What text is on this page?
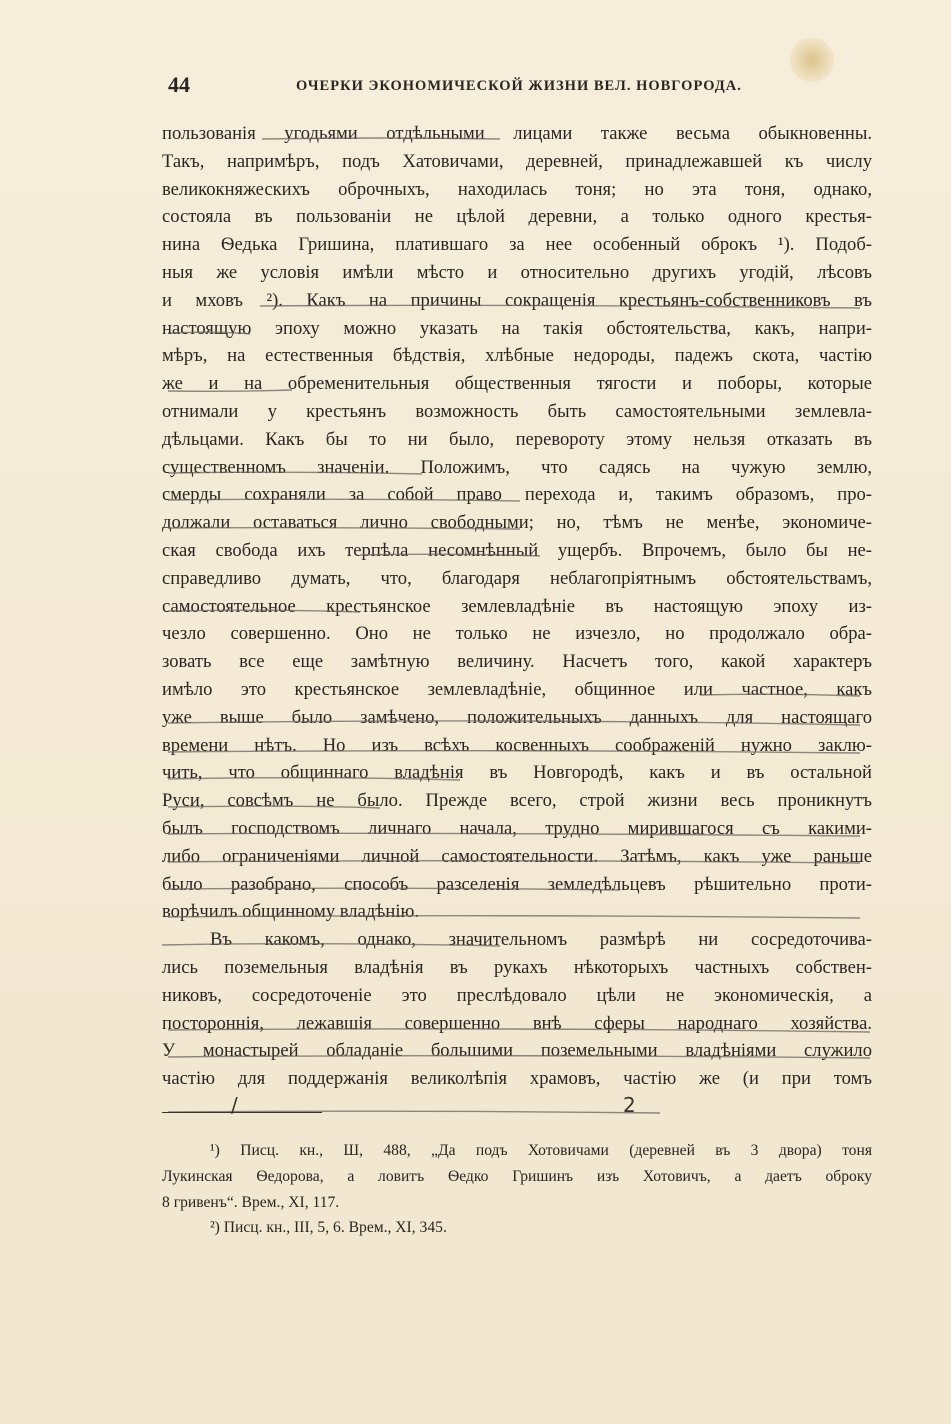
44	ОЧЕРКИ ЭКОНОМИЧЕСКОЙ ЖИЗНИ ВЕЛ. НОВГОРОДА.
пользованія угодьями отдѣльными лицами также весьма обыкновенны.
Такъ, напримѣръ, подъ Хатовичами, деревней, принадлежавшей къ числу
великокняжескихъ оброчныхъ, находилась тоня; но эта тоня, однако,
состояла въ пользованіи не цѣлой деревни, а только одного крестья-
нина Ѳедька Гришина, платившаго за нее особенный оброкъ ¹). Подоб-
ныя же условія имѣли мѣсто и относительно другихъ угодій, лѣсовъ
и мховъ ²). Какъ на причины сокращенія крестьянъ-собственниковъ въ
настоящую эпоху можно указать на такія обстоятельства, какъ, напри-
мѣръ, на естественныя бѣдствія, хлѣбные недороды, падежъ скота, частію
же и на обременительныя общественныя тягости и поборы, которые
отнимали у крестьянъ возможность быть самостоятельными землевла-
дѣльцами. Какъ бы то ни было, перевороту этому нельзя отказать въ
существенномъ значеніи. Положимъ, что садясь на чужую землю,
смерды сохраняли за собой право перехода и, такимъ образомъ, про-
должали оставаться лично свободными; но, тѣмъ не менѣе, экономиче-
ская свобода ихъ терпѣла несомнѣнный ущербъ. Впрочемъ, было бы не-
справедливо думать, что, благодаря неблагопріятнымъ обстоятельствамъ,
самостоятельное крестьянское землевладѣніе въ настоящую эпоху из-
чезло совершенно. Оно не только не изчезло, но продолжало обра-
зовать все еще замѣтную величину. Насчетъ того, какой характеръ
имѣло это крестьянское землевладѣніе, общинное или частное, какъ
уже выше было замѣчено, положительныхъ данныхъ для настоящаго
времени нѣтъ. Но изъ всѣхъ косвенныхъ соображеній нужно заклю-
чить, что общиннаго владѣнія въ Новгородѣ, какъ и въ остальной
Руси, совсѣмъ не было. Прежде всего, строй жизни весь проникнутъ
былъ господствомъ личнаго начала, трудно мирившагося съ какими-
либо ограниченіями личной самостоятельности. Затѣмъ, какъ уже раньше
было разобрано, способъ разселенія земледѣльцевъ рѣшительно проти-
ворѣчилъ общинному владѣнію.
Въ какомъ, однако, значительномъ размѣрѣ ни сосредоточива-
лись поземельныя владѣнія въ рукахъ нѣкоторыхъ частныхъ собствен-
никовъ, сосредоточеніе это преслѣдовало цѣли не экономическія, а
постороннія, лежавшія совершенно внѣ сферы народнаго хозяйства.
У монастырей обладаніе большими поземельными владѣніями служило
частію для поддержанія великолѣпія храмовъ, частію же (и при томъ
/	2
¹) Писц. кн., Ш, 488, „Да подъ Хотовичами (деревней въ 3 двора) тоня
Лукинская Ѳедорова, а ловитъ Ѳедко Гришинъ изъ Хотовичъ, а даетъ оброку
8 гривенъ“. Врем., XI, 117.
²) Писц. кн., III, 5, 6. Врем., XI, 345.
